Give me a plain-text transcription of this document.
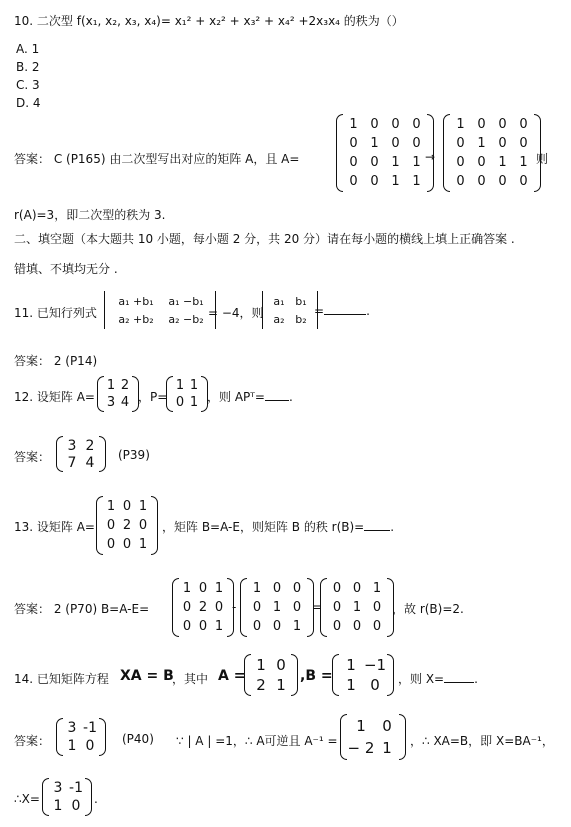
10. 二次型 f(x₁, x₂, x₃, x₄)= x₁² + x₂² + x₃² + x₄² +2x₃x₄ 的秩为（）
A. 1
B. 2
C. 3
D. 4
答案： C (P165) 由二次型写出对应的矩阵 A，且 A=
1 0 0 0
0 1 0 0
0 0 1 1
0 0 1 1
→
1 0 0 0
0 1 0 0
0 0 1 1
0 0 0 0
则
r(A)=3，即二次型的秩为 3.
二、填空题（本大题共 10 小题，每小题 2 分，共 20 分）请在每小题的横线上填上正确答案 .
错填、不填均无分 .
11. 已知行列式
a₁ +b₁	a₁ −b₁
a₂ +b₂	a₂ −b₂ = −4，则
a₁ b₁
a₂ b₂
=	.
答案： 2 (P14)
12. 设矩阵 A=
1 2
3 4 ，P=
1 1
0 1 ，则 APᵀ= .
答案：
3 2
7 4	(P39)
13. 设矩阵 A=
1 0 1
0 2 0
0 0 1
，矩阵 B=A-E，则矩阵 B 的秩 r(B)= .
答案： 2 (P70) B=A-E=
1 0 1
0 2 0
0 0 1
-
1 0 0
0 1 0
0 0 1
=
0 0 1
0 1 0
0 0 0
，故 r(B)=2.
14. 已知矩阵方程 XA = B
，其中 A =
1 0
2 1	,B =
1 −1
1 0	，则 X=	.
答案：
3 -1
1 0	(P40) ∵ | A | =1，∴ A可逆且 A⁻¹ =
1	0
− 2 1	，∴ XA=B，即 X=BA⁻¹，
∴X=
3 -1
1 0	.
